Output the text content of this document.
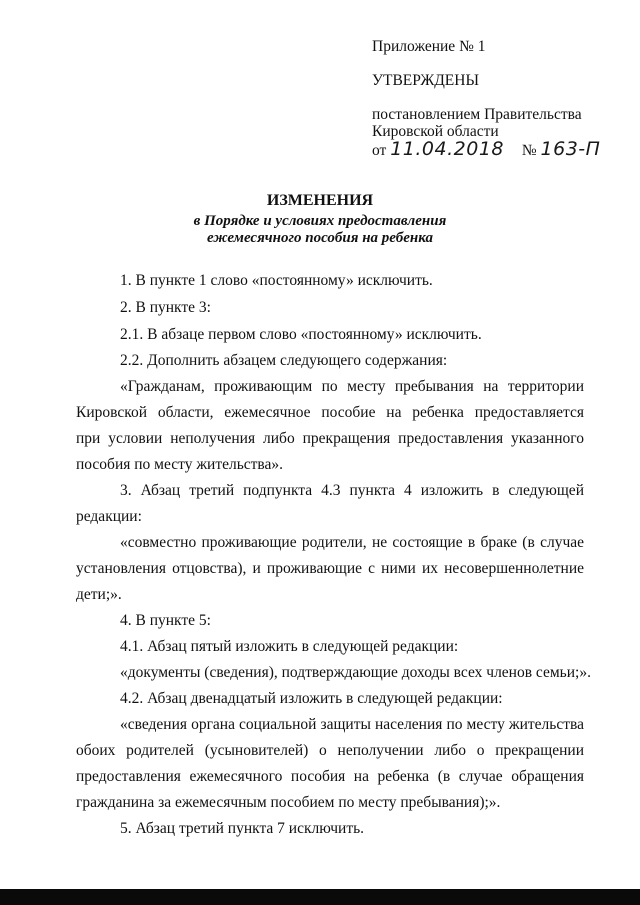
Приложение № 1
УТВЕРЖДЕНЫ
постановлением Правительства
Кировской области
от 11.04.2018 № 163-П
ИЗМЕНЕНИЯ
в Порядке и условиях предоставления
ежемесячного пособия на ребенка
1. В пункте 1 слово «постоянному» исключить.
2. В пункте 3:
2.1. В абзаце первом слово «постоянному» исключить.
2.2. Дополнить абзацем следующего содержания:
«Гражданам, проживающим по месту пребывания на территории
Кировской области, ежемесячное пособие на ребенка предоставляется
при условии неполучения либо прекращения предоставления указанного
пособия по месту жительства».
3. Абзац третий подпункта 4.3 пункта 4 изложить в следующей
редакции:
«совместно проживающие родители, не состоящие в браке (в случае
установления отцовства), и проживающие с ними их несовершеннолетние
дети;».
4. В пункте 5:
4.1. Абзац пятый изложить в следующей редакции:
«документы (сведения), подтверждающие доходы всех членов семьи;».
4.2. Абзац двенадцатый изложить в следующей редакции:
«сведения органа социальной защиты населения по месту жительства
обоих родителей (усыновителей) о неполучении либо о прекращении
предоставления ежемесячного пособия на ребенка (в случае обращения
гражданина за ежемесячным пособием по месту пребывания);».
5. Абзац третий пункта 7 исключить.
